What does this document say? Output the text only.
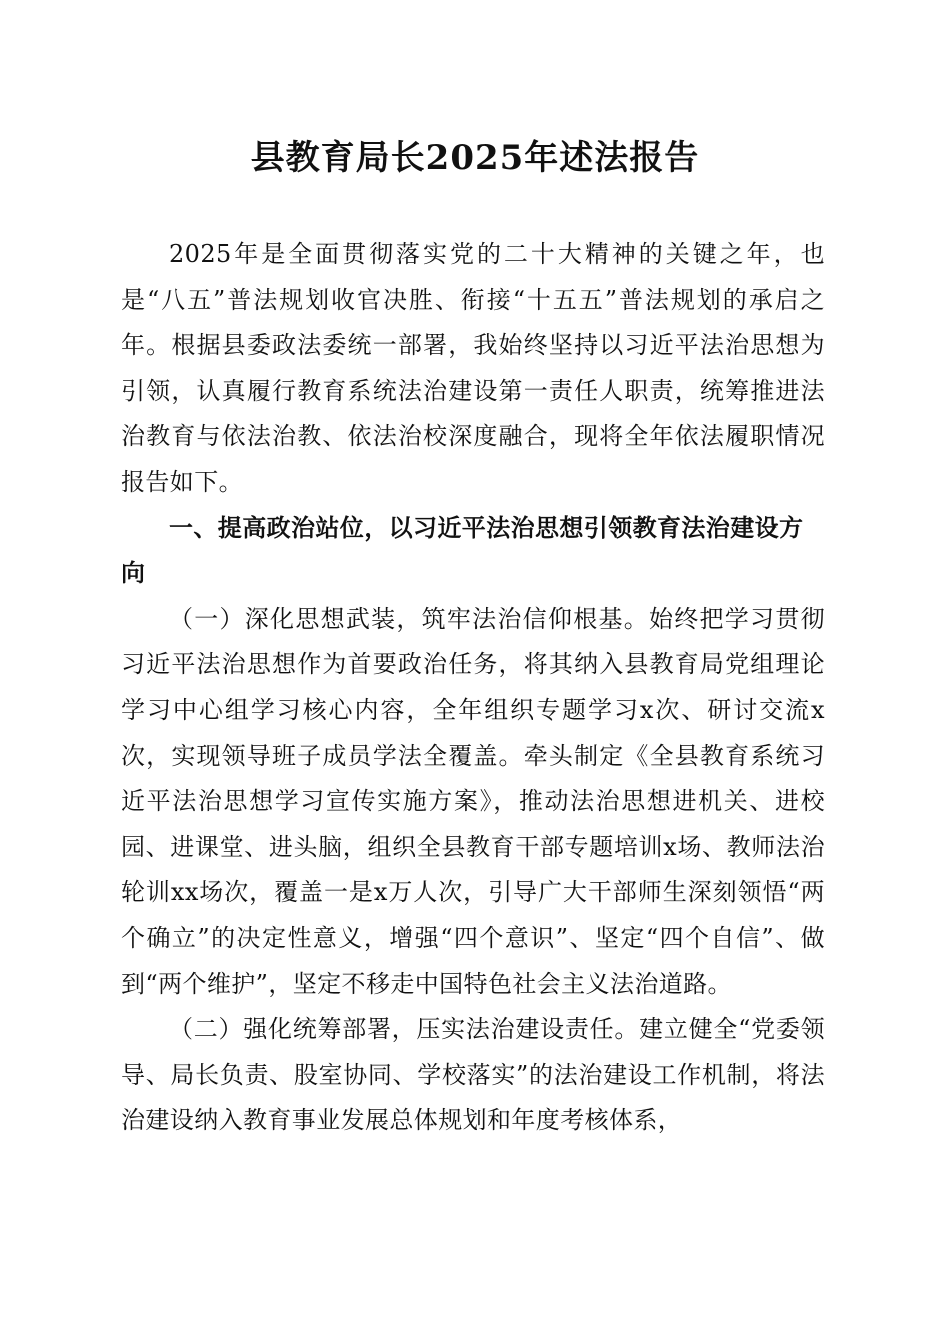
县教育局长2025年述法报告

2025年是全面贯彻落实党的二十大精神的关键之年，也是“八五”普法规划收官决胜、衔接“十五五”普法规划的承启之年。根据县委政法委统一部署，我始终坚持以习近平法治思想为引领，认真履行教育系统法治建设第一责任人职责，统筹推进法治教育与依法治教、依法治校深度融合，现将全年依法履职情况报告如下。

一、提高政治站位，以习近平法治思想引领教育法治建设方向

（一）深化思想武装，筑牢法治信仰根基。始终把学习贯彻习近平法治思想作为首要政治任务，将其纳入县教育局党组理论学习中心组学习核心内容，全年组织专题学习x次、研讨交流x次，实现领导班子成员学法全覆盖。牵头制定《全县教育系统习近平法治思想学习宣传实施方案》，推动法治思想进机关、进校园、进课堂、进头脑，组织全县教育干部专题培训x场、教师法治轮训xx场次，覆盖一是x万人次，引导广大干部师生深刻领悟“两个确立”的决定性意义，增强“四个意识”、坚定“四个自信”、做到“两个维护”，坚定不移走中国特色社会主义法治道路。

（二）强化统筹部署，压实法治建设责任。建立健全“党委领导、局长负责、股室协同、学校落实”的法治建设工作机制，将法治建设纳入教育事业发展总体规划和年度考核体系，
